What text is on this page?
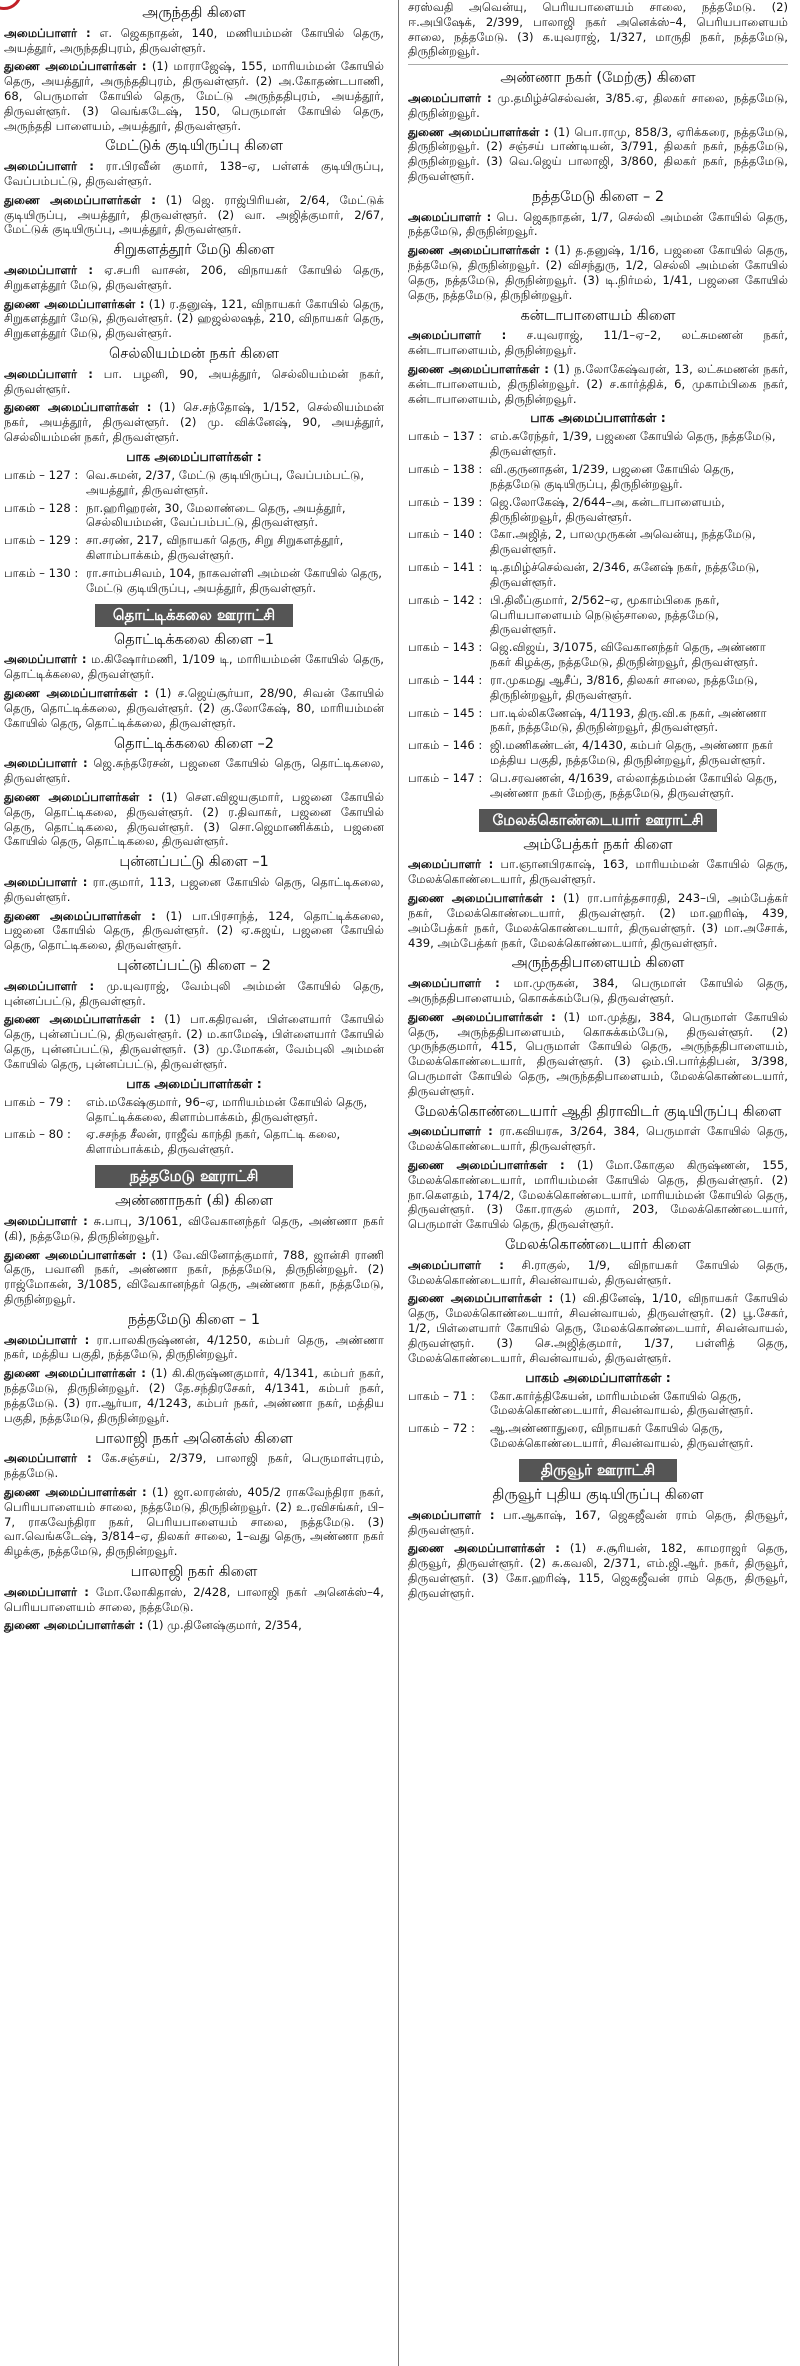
அருந்ததி கிளை

அமைப்பாளர் : எ. ஜெகநாதன், 140, மணியம்மன் கோயில் தெரு, அயத்தூர், அருந்ததிபுரம், திருவள்ளூர்.

துணை அமைப்பாளர்கள் : (1) மாராஜேஷ், 155, மாரியம்மன் கோயில் தெரு, அயத்தூர், அருந்ததிபுரம், திருவள்ளூர். (2) அ.கோதண்டபாணி, 68, பெருமாள் கோயில் தெரு, மேட்டு அருந்ததிபுரம், அயத்தூர், திருவள்ளூர். (3) வெங்கடேஷ், 150, பெருமாள் கோயில் தெரு, அருந்ததி பாளையம், அயத்தூர், திருவள்ளூர்.

மேட்டுக் குடியிருப்பு கிளை

அமைப்பாளர் : ரா.பிரவீன் குமார், 138–ஏ, பள்ளக் குடியிருப்பு, வேப்பம்பட்டு, திருவள்ளூர்.

துணை அமைப்பாளர்கள் : (1) ஜெ. ராஜ்பிரியன், 2/64, மேட்டுக் குடியிருப்பு, அயத்தூர், திருவள்ளூர். (2) வா. அஜித்குமார், 2/67, மேட்டுக் குடியிருப்பு, அயத்தூர், திருவள்ளூர்.

சிறுகளத்தூர் மேடு கிளை

அமைப்பாளர் : ஏ.சபரி வாசன், 206, விநாயகர் கோயில் தெரு, சிறுகளத்தூர் மேடு, திருவள்ளூர்.

துணை அமைப்பாளர்கள் : (1) ர.தனுஷ், 121, விநாயகர் கோயில் தெரு, சிறுகளத்தூர் மேடு, திருவள்ளூர். (2) ஹஜல்லஷத், 210, விநாயகர் தெரு, சிறுகளத்தூர் மேடு, திருவள்ளூர்.

செல்லியம்மன் நகர் கிளை

அமைப்பாளர் : பா. பழனி, 90, அயத்தூர், செல்லியம்மன் நகர், திருவள்ளூர்.

துணை அமைப்பாளர்கள் : (1) செ.சந்தோஷ், 1/152, செல்லியம்மன் நகர், அயத்தூர், திருவள்ளூர். (2) மு. விக்னேஷ், 90, அயத்தூர், செல்லியம்மன் நகர், திருவள்ளூர்.

பாக அமைப்பாளர்கள் :
பாகம் – 127 : வெ.சுமன், 2/37, மேட்டு குடியிருப்பு, வேப்பம்பட்டு, அயத்தூர், திருவள்ளூர்.
பாகம் – 128 : நா.ஹரிஹரன், 30, மேலாண்டை தெரு, அயத்தூர், செல்லியம்மன், வேப்பம்பட்டு, திருவள்ளூர்.
பாகம் – 129 : சா.சரண், 217, விநாயகர் தெரு, சிறு சிறுகளத்தூர், கிளாம்பாக்கம், திருவள்ளூர்.
பாகம் – 130 : ரா.சாம்பசிவம், 104, நாகவள்ளி அம்மன் கோயில் தெரு, மேட்டு குடியிருப்பு, அயத்தூர், திருவள்ளூர்.
தொட்டிக்கலை ஊராட்சி
தொட்டிக்கலை கிளை –1

அமைப்பாளர் : ம.கிஷோர்மணி, 1/109 டி, மாரியம்மன் கோயில் தெரு, தொட்டிக்கலை, திருவள்ளூர்.

துணை அமைப்பாளர்கள் : (1) ச.ஜெய்சூர்யா, 28/90, சிவன் கோயில் தெரு, தொட்டிக்கலை, திருவள்ளூர். (2) கு.லோகேஷ், 80, மாரியம்மன் கோயில் தெரு, தொட்டிக்கலை, திருவள்ளூர்.

தொட்டிக்கலை கிளை –2

அமைப்பாளர் : ஜெ.சுந்தரேசன், பஜனை கோயில் தெரு, தொட்டிகலை, திருவள்ளூர்.

துணை அமைப்பாளர்கள் : (1) சௌ.விஜயகுமார், பஜனை கோயில் தெரு, தொட்டிகலை, திருவள்ளூர். (2) ர.திவாகர், பஜனை கோயில் தெரு, தொட்டிகலை, திருவள்ளூர். (3) சொ.ஜெமாணிக்கம், பஜனை கோயில் தெரு, தொட்டிகலை, திருவள்ளூர்.

புன்னப்பட்டு கிளை –1

அமைப்பாளர் : ரா.குமார், 113, பஜனை கோயில் தெரு, தொட்டிகலை, திருவள்ளூர்.

துணை அமைப்பாளர்கள் : (1) பா.பிரசாந்த், 124, தொட்டிக்கலை, பஜனை கோயில் தெரு, திருவள்ளூர். (2) ஏ.சுஜய், பஜனை கோயில் தெரு, தொட்டிகலை, திருவள்ளூர்.

புன்னப்பட்டு கிளை – 2

அமைப்பாளர் : மு.யுவராஜ், வேம்புலி அம்மன் கோயில் தெரு, புன்னப்பட்டு, திருவள்ளூர்.

துணை அமைப்பாளர்கள் : (1) பா.கதிரவன், பிள்ளையார் கோயில் தெரு, புன்னப்பட்டு, திருவள்ளூர். (2) ம.காமேஷ், பிள்ளையார் கோயில் தெரு, புன்னப்பட்டு, திருவள்ளூர். (3) மு.மோகன், வேம்புலி அம்மன் கோயில் தெரு, புன்னப்பட்டு, திருவள்ளூர்.

பாக அமைப்பாளர்கள் :
பாகம் – 79 :	எம்.மகேஷ்குமார், 96–ஏ, மாரியம்மன் கோயில் தெரு, தொட்டிக்கலை, கிளாம்பாக்கம், திருவள்ளூர்.
பாகம் – 80 :	ஏ.சசந்த சீலன், ராஜீவ் காந்தி நகர், தொட்டி கலை, கிளாம்பாக்கம், திருவள்ளூர்.
நத்தமேடு ஊராட்சி
அண்ணாநகர் (கி) கிளை

அமைப்பாளர் : சு.பாபு, 3/1061, விவேகானந்தர் தெரு, அண்ணா நகர் (கி), நத்தமேடு, திருநின்றவூர்.

துணை அமைப்பாளர்கள் : (1) வே.வினோத்குமார், 788, ஜான்சி ராணி தெரு, பவானி நகர், அண்ணா நகர், நத்தமேடு, திருநின்றவூர். (2) ராஜ்மோகன், 3/1085, விவேகானந்தர் தெரு, அண்ணா நகர், நத்தமேடு, திருநின்றவூர்.

நத்தமேடு கிளை – 1

அமைப்பாளர் : ரா.பாலகிருஷ்ணன், 4/1250, கம்பர் தெரு, அண்ணா நகர், மத்திய பகுதி, நத்தமேடு, திருநின்றவூர்.

துணை அமைப்பாளர்கள் : (1) கி.கிருஷ்ணகுமார், 4/1341, கம்பர் நகர், நத்தமேடு, திருநின்றவூர். (2) தே.சந்திரசேகர், 4/1341, கம்பர் நகர், நத்தமேடு. (3) ரா.ஆர்யா, 4/1243, கம்பர் நகர், அண்ணா நகர், மத்திய பகுதி, நத்தமேடு, திருநின்றவூர்.

பாலாஜி நகர் அனெக்ஸ் கிளை

அமைப்பாளர் : கே.சஞ்சய், 2/379, பாலாஜி நகர், பெருமாள்புரம், நத்தமேடு.

துணை அமைப்பாளர்கள் : (1) ஜா.லாரன்ஸ், 405/2 ராகவேந்திரா நகர், பெரியபாளையம் சாலை, நத்தமேடு, திருநின்றவூர். (2) உ.ரவிசங்கர், பி–7, ராகவேந்திரா நகர், பெரியபாளையம் சாலை, நத்தமேடு. (3) வா.வெங்கடேஷ், 3/814–ஏ, திலகர் சாலை, 1–வது தெரு, அண்ணா நகர் கிழக்கு, நத்தமேடு, திருநின்றவூர்.

பாலாஜி நகர் கிளை

அமைப்பாளர் : மோ.லோகிதாஸ், 2/428, பாலாஜி நகர் அனெக்ஸ்–4, பெரியபாளையம் சாலை, நத்தமேடு.

துணை அமைப்பாளர்கள் : (1) மு.தினேஷ்குமார், 2/354,

சரஸ்வதி அவென்யு, பெரியபாளையம் சாலை, நத்தமேடு. (2) ஈ.அபிஷேக், 2/399, பாலாஜி நகர் அனெக்ஸ்–4, பெரியபாளையம் சாலை, நத்தமேடு. (3) க.யுவராஜ், 1/327, மாருதி நகர், நத்தமேடு, திருநின்றவூர்.

அண்ணா நகர் (மேற்கு) கிளை

அமைப்பாளர் : மு.தமிழ்ச்செல்வன், 3/85.ஏ, திலகர் சாலை, நத்தமேடு, திருநின்றவூர்.

துணை அமைப்பாளர்கள் : (1) பொ.ராமு, 858/3, ஏரிக்கரை, நத்தமேடு, திருநின்றவூர். (2) சஞ்சய் பாண்டியன், 3/791, திலகர் நகர், நத்தமேடு, திருநின்றவூர். (3) வெ.ஜெய் பாலாஜி, 3/860, திலகர் நகர், நத்தமேடு, திருவள்ளூர்.

நத்தமேடு கிளை – 2

அமைப்பாளர் : பெ. ஜெகநாதன், 1/7, செல்லி அம்மன் கோயில் தெரு, நத்தமேடு, திருநின்றவூர்.

துணை அமைப்பாளர்கள் : (1) த.தனுஷ், 1/16, பஜனை கோயில் தெரு, நத்தமேடு, திருநின்றவூர். (2) விசந்துரு, 1/2, செல்லி அம்மன் கோயில் தெரு, நத்தமேடு, திருநின்றவூர். (3) டி.நிர்மல், 1/41, பஜனை கோயில் தெரு, நத்தமேடு, திருநின்றவூர்.

கன்டாபாளையம் கிளை

அமைப்பாளர் : ச.யுவராஜ், 11/1–ஏ–2, லட்சுமணன் நகர், கன்டாபாளையம், திருநின்றவூர்.

துணை அமைப்பாளர்கள் : (1) ந.லோகேஷ்வரன், 13, லட்சுமணன் நகர், கன்டாபாளையம், திருநின்றவூர். (2) ச.கார்த்திக், 6, முகாம்பிகை நகர், கன்டாபாளையம், திருநின்றவூர்.

பாக அமைப்பாளர்கள் :
பாகம் – 137 : எம்.சுரேந்தர், 1/39, பஜனை கோயில் தெரு, நத்தமேடு, திருவள்ளூர்.
பாகம் – 138 : வி.குருனாதன், 1/239, பஜனை கோயில் தெரு, நத்தமேடு குடியிருப்பு, திருநின்றவூர்.
பாகம் – 139 : ஜெ.லோகேஷ், 2/644–அ, கன்டாபாளையம், திருநின்றவூர், திருவள்ளூர்.
பாகம் – 140 : கோ.அஜித், 2, பாலமுருகன் அவென்யு, நத்தமேடு, திருவள்ளூர்.
பாகம் – 141 : டி.தமிழ்ச்செல்வன், 2/346, சுனேஷ் நகர், நத்தமேடு, திருவள்ளூர்.
பாகம் – 142 : பி.திலீப்குமார், 2/562–ஏ, மூகாம்பிகை நகர், பெரியபாளையம் நெடுஞ்சாலை, நத்தமேடு, திருவள்ளூர்.
பாகம் – 143 : ஜெ.விஜய், 3/1075, விவேகானந்தர் தெரு, அண்ணா நகர் கிழக்கு, நத்தமேடு, திருநின்றவூர், திருவள்ளூர்.
பாகம் – 144 : ரா.முகமது ஆசீப், 3/816, திலகர் சாலை, நத்தமேடு, திருநின்றவூர், திருவள்ளூர்.
பாகம் – 145 : பா.டில்லிகணேஷ், 4/1193, திரு.வி.க நகர், அண்ணா நகர், நத்தமேடு, திருநின்றவூர், திருவள்ளூர்.
பாகம் – 146 : ஜி.மணிகண்டன், 4/1430, கம்பர் தெரு, அண்ணா நகர் மத்திய பகுதி, நத்தமேடு, திருநின்றவூர், திருவள்ளூர்.
பாகம் – 147 : பெ.சரவணன், 4/1639, எல்லாத்தம்மன் கோயில் தெரு, அண்ணா நகர் மேற்கு, நத்தமேடு, திருவள்ளூர்.
மேலக்கொண்டையார் ஊராட்சி
அம்பேத்கர் நகர் கிளை

அமைப்பாளர் : பா.ஞானபிரகாஷ், 163, மாரியம்மன் கோயில் தெரு, மேலக்கொண்டையார், திருவள்ளூர்.

துணை அமைப்பாளர்கள் : (1) ரா.பார்த்தசாரதி, 243–பி, அம்பேத்கர் நகர், மேலக்கொண்டையார், திருவள்ளூர். (2) மா.ஹரிஷ், 439, அம்பேத்கர் நகர், மேலக்கொண்டையார், திருவள்ளூர். (3) மா.அசோக், 439, அம்பேத்கர் நகர், மேலக்கொண்டையார், திருவள்ளூர்.

அருந்ததிபாளையம் கிளை

அமைப்பாளர் : மா.முருகன், 384, பெருமாள் கோயில் தெரு, அருந்ததிபாளையம், கொசுக்கம்பேடு, திருவள்ளூர்.

துணை அமைப்பாளர்கள் : (1) மா.முத்து, 384, பெருமாள் கோயில் தெரு, அருந்ததிபாளையம், கொசுக்கம்பேடு, திருவள்ளூர். (2) முருந்தகுமார், 415, பெருமாள் கோயில் தெரு, அருந்ததிபாளையம், மேலக்கொண்டையார், திருவள்ளூர். (3) ஒம்.பி.பார்த்திபன், 3/398, பெருமாள் கோயில் தெரு, அருந்ததிபாளையம், மேலக்கொண்டையார், திருவள்ளூர்.

மேலக்கொண்டையார் ஆதி திராவிடர் குடியிருப்பு கிளை

அமைப்பாளர் : ரா.கவியரசு, 3/264, 384, பெருமாள் கோயில் தெரு, மேலக்கொண்டையார், திருவள்ளூர்.

துணை அமைப்பாளர்கள் : (1) மோ.கோகுல கிருஷ்ணன், 155, மேலக்கொண்டையார், மாரியம்மன் கோயில் தெரு, திருவள்ளூர். (2) நா.கௌதம், 174/2, மேலக்கொண்டையார், மாரியம்மன் கோயில் தெரு, திருவள்ளூர். (3) கோ.ராகுல் குமார், 203, மேலக்கொண்டையார், பெருமாள் கோயில் தெரு, திருவள்ளூர்.

மேலக்கொண்டையார் கிளை

அமைப்பாளர் : சி.ராகுல், 1/9, விநாயகர் கோயில் தெரு, மேலக்கொண்டையார், சிவன்வாயல், திருவள்ளூர்.

துணை அமைப்பாளர்கள் : (1) வி.தினேஷ், 1/10, விநாயகர் கோயில் தெரு, மேலக்கொண்டையார், சிவன்வாயல், திருவள்ளூர். (2) பூ.சேகர், 1/2, பிள்ளையார் கோயில் தெரு, மேலக்கொண்டையார், சிவன்வாயல், திருவள்ளூர். (3) செ.அஜித்குமார், 1/37, பள்ளித் தெரு, மேலக்கொண்டையார், சிவன்வாயல், திருவள்ளூர்.

பாகம் அமைப்பாளர்கள் :
பாகம் – 71 :	கோ.கார்த்திகேயன், மாரியம்மன் கோயில் தெரு, மேலக்கொண்டையார், சிவன்வாயல், திருவள்ளூர்.
பாகம் – 72 :	ஆ.அண்ணாதுரை, விநாயகர் கோயில் தெரு, மேலக்கொண்டையார், சிவன்வாயல், திருவள்ளூர்.
திருவூர் ஊராட்சி
திருவூர் புதிய குடியிருப்பு கிளை

அமைப்பாளர் : பா.ஆகாஷ், 167, ஜெகஜீவன் ராம் தெரு, திருவூர், திருவள்ளூர்.

துணை அமைப்பாளர்கள் : (1) ச.சூரியன், 182, காமராஜர் தெரு, திருவூர், திருவள்ளூர். (2) சு.கவலி, 2/371, எம்.ஜி.ஆர். நகர், திருவூர், திருவள்ளூர். (3) கோ.ஹரிஷ், 115, ஜெகஜீவன் ராம் தெரு, திருவூர், திருவள்ளூர்.
